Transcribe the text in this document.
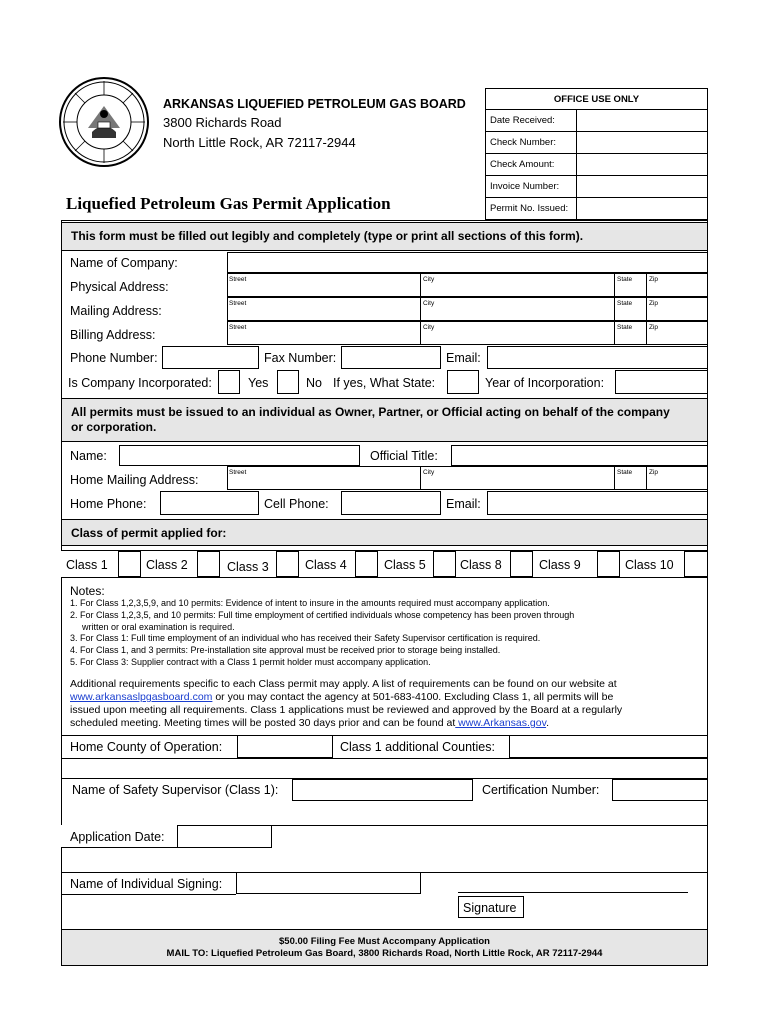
ARKANSAS LIQUEFIED PETROLEUM GAS BOARD
3800 Richards Road
North Little Rock, AR 72117-2944
Liquefied Petroleum Gas Permit Application
OFFICE USE ONLY	
Date Received:	
Check Number:	
Check Amount:	
Invoice Number:	
Permit No. Issued:	
This form must be filled out legibly and completely (type or print all sections of this form).
Name of Company:
Physical Address:
Street	City	State	Zip
Mailing Address:
Street	City	State	Zip
Billing Address:
Street	City	State	Zip
Phone Number:	Fax Number:	Email:
Is Company Incorporated:	Yes	No If yes, What State:	Year of Incorporation:
All permits must be issued to an individual as Owner, Partner, or Official acting on behalf of the company or corporation.
Name:	Official Title:
Home Mailing Address:
Street	City	State	Zip
Home Phone:	Cell Phone:	Email:
Class of permit applied for:
Class 1	Class 2	Class 3	Class 4	Class 5	Class 8	Class 9	Class 10
Notes:
1. For Class 1,2,3,5,9, and 10 permits: Evidence of intent to insure in the amounts required must accompany application.
2. For Class 1,2,3,5, and 10 permits: Full time employment of certified individuals whose competency has been proven through
written or oral examination is required.
3. For Class 1: Full time employment of an individual who has received their Safety Supervisor certification is required.
4. For Class 1, and 3 permits: Pre-installation site approval must be received prior to storage being installed.
5. For Class 3: Supplier contract with a Class 1 permit holder must accompany application.
Additional requirements specific to each Class permit may apply. A list of requirements can be found on our website at
www.arkansaslpgasboard.com or you may contact the agency at 501-683-4100. Excluding Class 1, all permits will be
issued upon meeting all requirements. Class 1 applications must be reviewed and approved by the Board at a regularly
scheduled meeting. Meeting times will be posted 30 days prior and can be found at www.Arkansas.gov.
Home County of Operation:	Class 1 additional Counties:
Name of Safety Supervisor (Class 1):	Certification Number:
Application Date:
Name of Individual Signing:
Signature
$50.00 Filing Fee Must Accompany Application
MAIL TO: Liquefied Petroleum Gas Board, 3800 Richards Road, North Little Rock, AR 72117-2944
